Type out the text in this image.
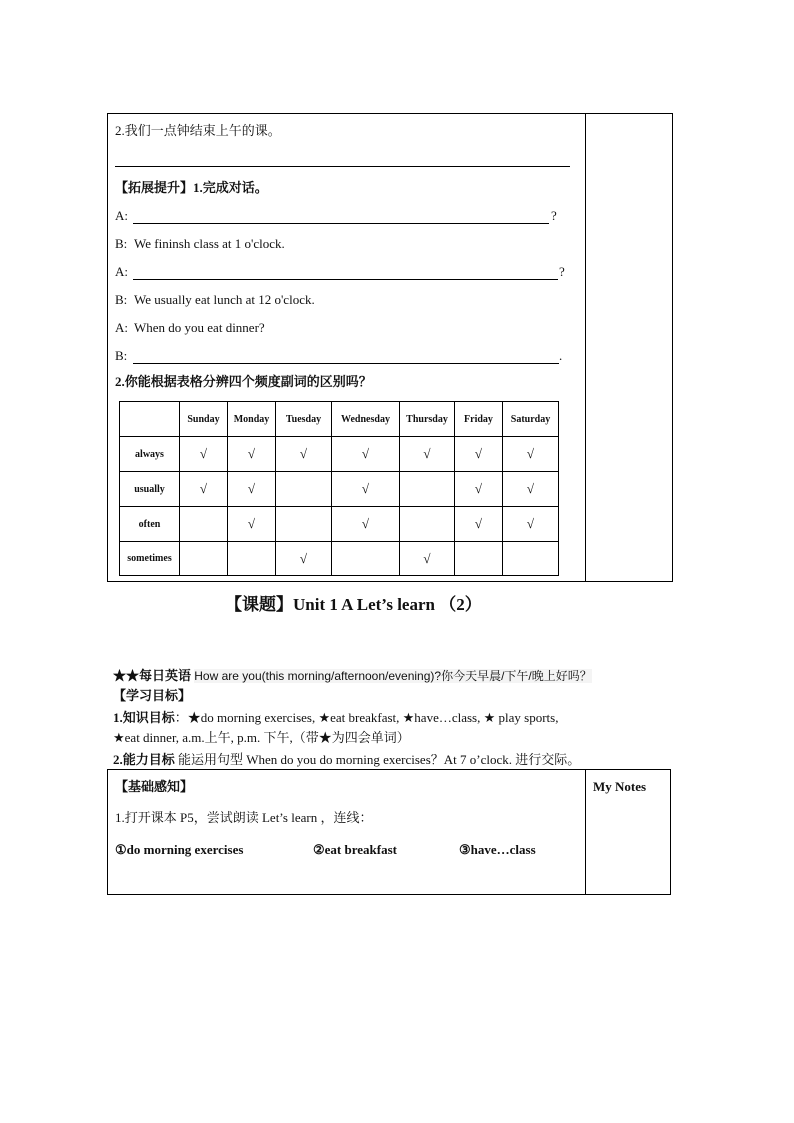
2.我们一点钟结束上午的课。
【拓展提升】1.完成对话。
A:	?
B: We fininsh class at 1 o'clock.
A:	?
B: We usually eat lunch at 12 o'clock.
A: When do you eat dinner?
B:	.
2.你能根据表格分辨四个频度副词的区别吗？
	Sunday	Monday	Tuesday	Wednesday	Thursday	Friday	Saturday
always	√	√	√	√	√	√	√
usually	√	√		√		√	√
often		√		√		√	√
sometimes			√		√		
【课题】Unit 1 A Let’s learn （2）
★★每日英语 How are you(this morning/afternoon/evening)?你今天早晨/下午/晚上好吗？
【学习目标】
1.知识目标：★do morning exercises, ★eat breakfast, ★have…class, ★ play sports,
★eat dinner, a.m.上午, p.m. 下午,（带★为四会单词）
2.能力目标 能运用句型 When do you do morning exercises？At 7 o’clock. 进行交际。
【基础感知】	My Notes
1.打开课本 P5，尝试朗读 Let’s learn ，连线：
①do morning exercises	②eat breakfast	③have…class
